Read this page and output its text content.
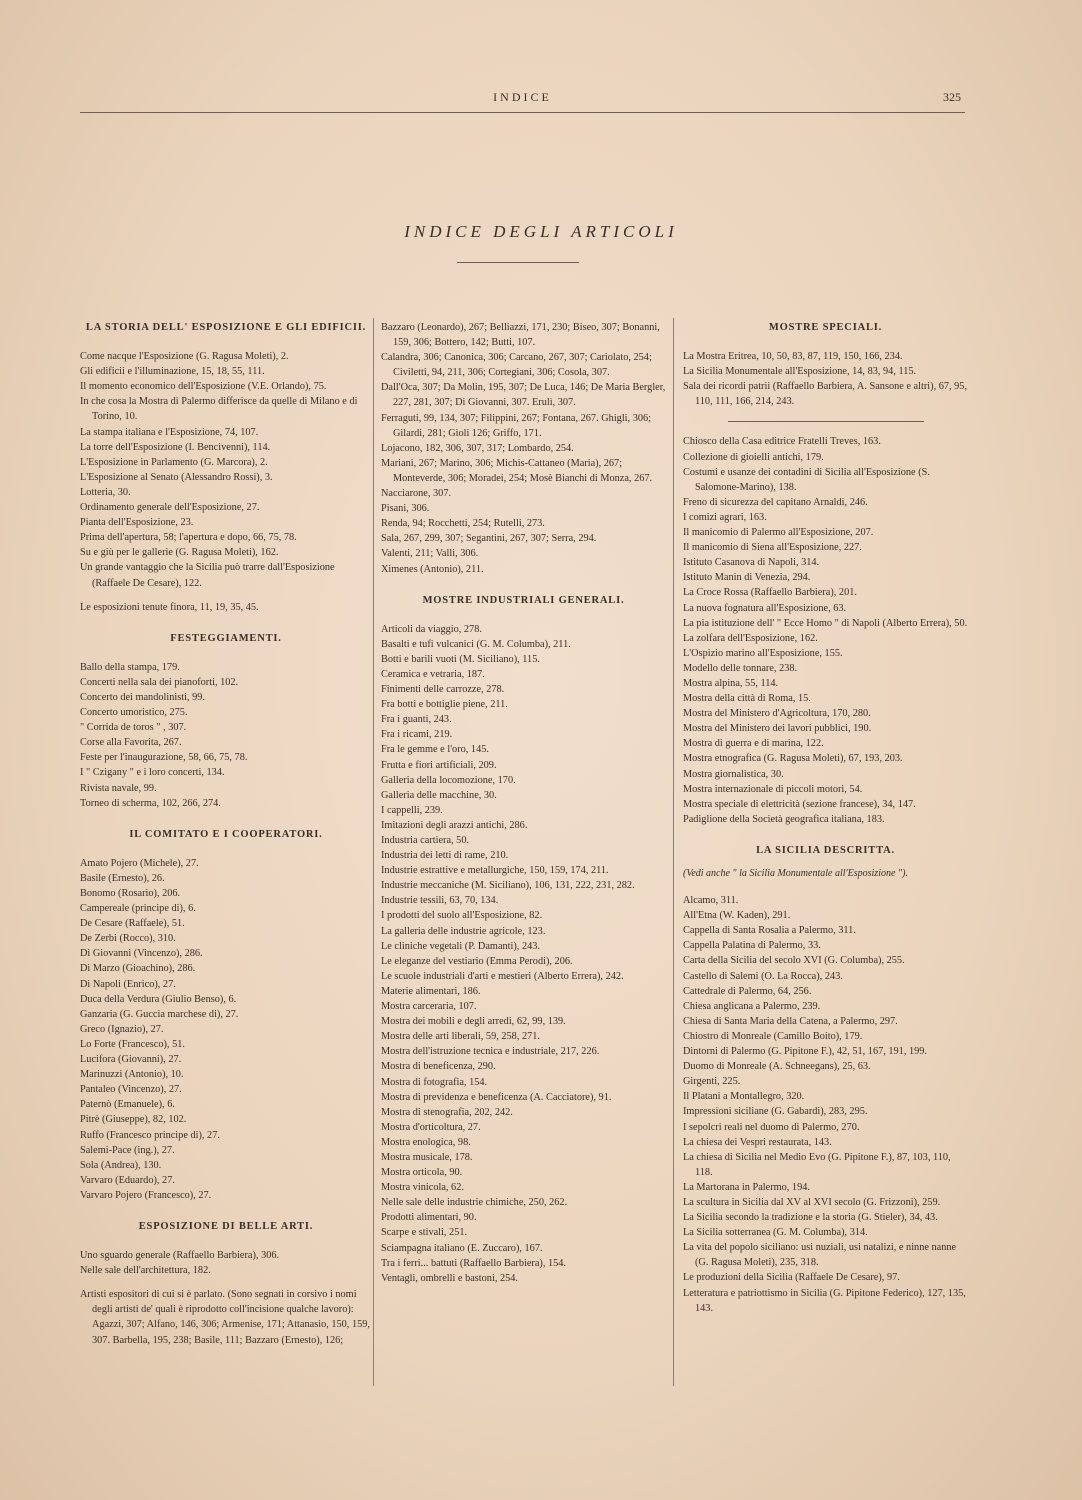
INDICE	325
INDICE DEGLI ARTICOLI
LA STORIA DELL' ESPOSIZIONE E GLI EDIFICII.

Come nacque l'Esposizione (G. Ragusa Moleti), 2.

Gli edificii e l'illuminazione, 15, 18, 55, 111.

Il momento economico dell'Esposizione (V.E. Orlando), 75.

In che cosa la Mostra di Palermo differisce da quelle di Milano e di Torino, 10.

La stampa italiana e l'Esposizione, 74, 107.

La torre dell'Esposizione (I. Bencivenni), 114.

L'Esposizione in Parlamento (G. Marcora), 2.

L'Esposizione al Senato (Alessandro Rossi), 3.

Lotteria, 30.

Ordinamento generale dell'Esposizione, 27.

Pianta dell'Esposizione, 23.

Prima dell'apertura, 58; l'apertura e dopo, 66, 75, 78.

Su e giù per le gallerie (G. Ragusa Moleti), 162.

Un grande vantaggio che la Sicilia può trarre dall'Esposizione (Raffaele De Cesare), 122.

Le esposizioni tenute finora, 11, 19, 35, 45.

FESTEGGIAMENTI.

Ballo della stampa, 179.

Concerti nella sala dei pianoforti, 102.

Concerto dei mandolinisti, 99.

Concerto umoristico, 275.

" Corrida de toros " , 307.

Corse alla Favorita, 267.

Feste per l'inaugurazione, 58, 66, 75, 78.

I " Czigany " e i loro concerti, 134.

Rivista navale, 99.

Torneo di scherma, 102, 266, 274.

IL COMITATO E I COOPERATORI.

Amato Pojero (Michele), 27.

Basile (Ernesto), 26.

Bonomo (Rosario), 206.

Campereale (principe di), 6.

De Cesare (Raffaele), 51.

De Zerbi (Rocco), 310.

Di Giovanni (Vincenzo), 286.

Di Marzo (Gioachino), 286.

Di Napoli (Enrico), 27.

Duca della Verdura (Giulio Benso), 6.

Ganzaria (G. Guccia marchese di), 27.

Greco (Ignazio), 27.

Lo Forte (Francesco), 51.

Lucifora (Giovanni), 27.

Marinuzzi (Antonio), 10.

Pantaleo (Vincenzo), 27.

Paternò (Emanuele), 6.

Pitrè (Giuseppe), 82, 102.

Ruffo (Francesco principe di), 27.

Salemi-Pace (ing.), 27.

Sola (Andrea), 130.

Varvaro (Eduardo), 27.

Varvaro Pojero (Francesco), 27.

ESPOSIZIONE DI BELLE ARTI.

Uno sguardo generale (Raffaello Barbiera), 306.

Nelle sale dell'architettura, 182.

Artisti espositori di cui si è parlato. (Sono segnati in corsivo i nomi degli artisti de' quali è riprodotto coll'incisione qualche lavoro): Agazzi, 307; Alfano, 146, 306; Armenise, 171; Attanasio, 150, 159, 307. Barbella, 195, 238; Basile, 111; Bazzaro (Ernesto), 126;

Bazzaro (Leonardo), 267; Belliazzi, 171, 230; Biseo, 307; Bonanni, 159, 306; Bottero, 142; Butti, 107.

Calandra, 306; Canonica, 306; Carcano, 267, 307; Cariolato, 254; Civiletti, 94, 211, 306; Cortegiani, 306; Cosola, 307.

Dall'Oca, 307; Da Molin, 195, 307; De Luca, 146; De Maria Bergler, 227, 281, 307; Di Giovanni, 307. Erulì, 307.

Ferraguti, 99, 134, 307; Filippini, 267; Fontana, 267. Ghigli, 306; Gilardi, 281; Gioli 126; Griffo, 171.

Lojacono, 182, 306, 307, 317; Lombardo, 254.

Mariani, 267; Marino, 306; Michis-Cattaneo (Maria), 267; Monteverde, 306; Moradei, 254; Mosè Bianchi di Monza, 267.

Nacciarone, 307.

Pisani, 306.

Renda, 94; Rocchetti, 254; Rutelli, 273.

Sala, 267, 299, 307; Segantini, 267, 307; Serra, 294.

Valenti, 211; Valli, 306.

Ximenes (Antonio), 211.

MOSTRE INDUSTRIALI GENERALI.

Articoli da viaggio, 278.

Basalti e tufi vulcanici (G. M. Columba), 211.

Botti e barili vuoti (M. Siciliano), 115.

Ceramica e vetraria, 187.

Finimenti delle carrozze, 278.

Fra botti e bottiglie piene, 211.

Fra i guanti, 243.

Fra i ricami, 219.

Fra le gemme e l'oro, 145.

Frutta e fiori artificiali, 209.

Galleria della locomozione, 170.

Galleria delle macchine, 30.

I cappelli, 239.

Imitazioni degli arazzi antichi, 286.

Industria cartiera, 50.

Industria dei letti di rame, 210.

Industrie estrattive e metallurgiche, 150, 159, 174, 211.

Industrie meccaniche (M. Siciliano), 106, 131, 222, 231, 282.

Industrie tessili, 63, 70, 134.

I prodotti del suolo all'Esposizione, 82.

La galleria delle industrie agricole, 123.

Le cliniche vegetali (P. Damanti), 243.

Le eleganze del vestiario (Emma Perodi), 206.

Le scuole industriali d'arti e mestieri (Alberto Errera), 242.

Materie alimentari, 186.

Mostra carceraria, 107.

Mostra dei mobili e degli arredi, 62, 99, 139.

Mostra delle arti liberali, 59, 258, 271.

Mostra dell'istruzione tecnica e industriale, 217, 226.

Mostra di beneficenza, 290.

Mostra di fotografia, 154.

Mostra di previdenza e beneficenza (A. Cacciatore), 91.

Mostra di stenografia, 202, 242.

Mostra d'orticoltura, 27.

Mostra enologica, 98.

Mostra musicale, 178.

Mostra orticola, 90.

Mostra vinicola, 62.

Nelle sale delle industrie chimiche, 250, 262.

Prodotti alimentari, 90.

Scarpe e stivali, 251.

Sciampagna italiano (E. Zuccaro), 167.

Tra i ferri... battuti (Raffaello Barbiera), 154.

Ventagli, ombrelli e bastoni, 254.

MOSTRE SPECIALI.

La Mostra Eritrea, 10, 50, 83, 87, 119, 150, 166, 234.

La Sicilia Monumentale all'Esposizione, 14, 83, 94, 115.

Sala dei ricordi patrii (Raffaello Barbiera, A. Sansone e altri), 67, 95, 110, 111, 166, 214, 243.

Chiosco della Casa editrice Fratelli Treves, 163.

Collezione di gioielli antichi, 179.

Costumi e usanze dei contadini di Sicilia all'Esposizione (S. Salomone-Marino), 138.

Freno di sicurezza del capitano Arnaldi, 246.

I comizi agrari, 163.

Il manicomio di Palermo all'Esposizione, 207.

Il manicomio di Siena all'Esposizione, 227.

Istituto Casanova di Napoli, 314.

Istituto Manin di Venezia, 294.

La Croce Rossa (Raffaello Barbiera), 201.

La nuova fognatura all'Esposizione, 63.

La pia istituzione dell' " Ecce Homo " di Napoli (Alberto Errera), 50.

La zolfara dell'Esposizione, 162.

L'Ospizio marino all'Esposizione, 155.

Modello delle tonnare, 238.

Mostra alpina, 55, 114.

Mostra della città di Roma, 15.

Mostra del Ministero d'Agricoltura, 170, 280.

Mostra del Ministero dei lavori pubblici, 190.

Mostra di guerra e di marina, 122.

Mostra etnografica (G. Ragusa Moleti), 67, 193, 203.

Mostra giornalistica, 30.

Mostra internazionale di piccoli motori, 54.

Mostra speciale di elettricità (sezione francese), 34, 147.

Padiglione della Società geografica italiana, 183.

LA SICILIA DESCRITTA.

(Vedi anche " la Sicilia Monumentale all'Esposizione ").

Alcamo, 311.

All'Etna (W. Kaden), 291.

Cappella di Santa Rosalia a Palermo, 311.

Cappella Palatina di Palermo, 33.

Carta della Sicilia del secolo XVI (G. Columba), 255.

Castello di Salemi (O. La Rocca), 243.

Cattedrale di Palermo, 64, 256.

Chiesa anglicana a Palermo, 239.

Chiesa di Santa Maria della Catena, a Palermo, 297.

Chiostro di Monreale (Camillo Boito), 179.

Dintorni di Palermo (G. Pipitone F.), 42, 51, 167, 191, 199.

Duomo di Monreale (A. Schneegans), 25, 63.

Girgenti, 225.

Il Platani a Montallegro, 320.

Impressioni siciliane (G. Gabardi), 283, 295.

I sepolcri reali nel duomo di Palermo, 270.

La chiesa dei Vespri restaurata, 143.

La chiesa di Sicilia nel Medio Evo (G. Pipitone F.), 87, 103, 110, 118.

La Martorana in Palermo, 194.

La scultura in Sicilia dal XV al XVI secolo (G. Frizzoni), 259.

La Sicilia secondo la tradizione e la storia (G. Stieler), 34, 43.

La Sicilia sotterranea (G. M. Columba), 314.

La vita del popolo siciliano: usi nuziali, usi natalizi, e ninne nanne (G. Ragusa Moleti), 235, 318.

Le produzioni della Sicilia (Raffaele De Cesare), 97.

Letteratura e patriottismo in Sicilia (G. Pipitone Federico), 127, 135, 143.
